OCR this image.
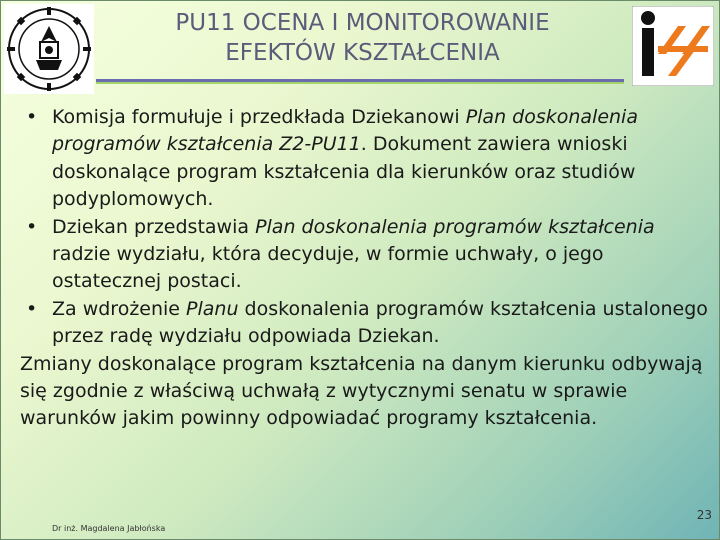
PU11 OCENA I MONITOROWANIE
EFEKTÓW KSZTAŁCENIA
• Komisja formułuje i przedkłada Dziekanowi Plan doskonalenia programów kształcenia Z2-PU11. Dokument zawiera wnioski doskonalące program kształcenia dla kierunków oraz studiów podyplomowych.
• Dziekan przedstawia Plan doskonalenia programów kształcenia radzie wydziału, która decyduje, w formie uchwały, o jego ostatecznej postaci.
• Za wdrożenie Planu doskonalenia programów kształcenia ustalonego przez radę wydziału odpowiada Dziekan.

Zmiany doskonalące program kształcenia na danym kierunku odbywają się zgodnie z właściwą uchwałą z wytycznymi senatu w sprawie warunków jakim powinny odpowiadać programy kształcenia.

23
Dr inż. Magdalena Jabłońska
